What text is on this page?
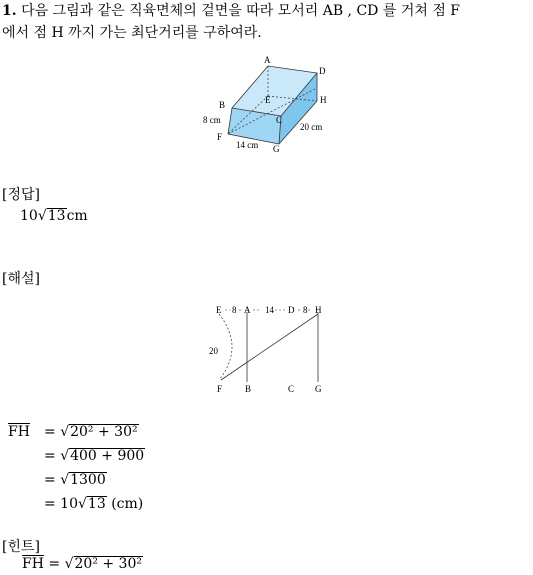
1. 다음 그림과 같은 직육면체의 겉면을 따라 모서리 AB , CD 를 거쳐 점 F
에서 점 H 까지 가는 최단거리를 구하여라.
A
D
E	H
B
C
F
G
8 cm
14 cm
20 cm
[정답]
10√13cm
[해설]
E 8 A 14 D 8 H
20
F	B	C G
$\overline{FH} = √20^2 + 30^2$
= √400 + 900
= √1300
= 10√13 (cm)
[힌트]
$\overline{FH} = √20^2 + 30^2$
